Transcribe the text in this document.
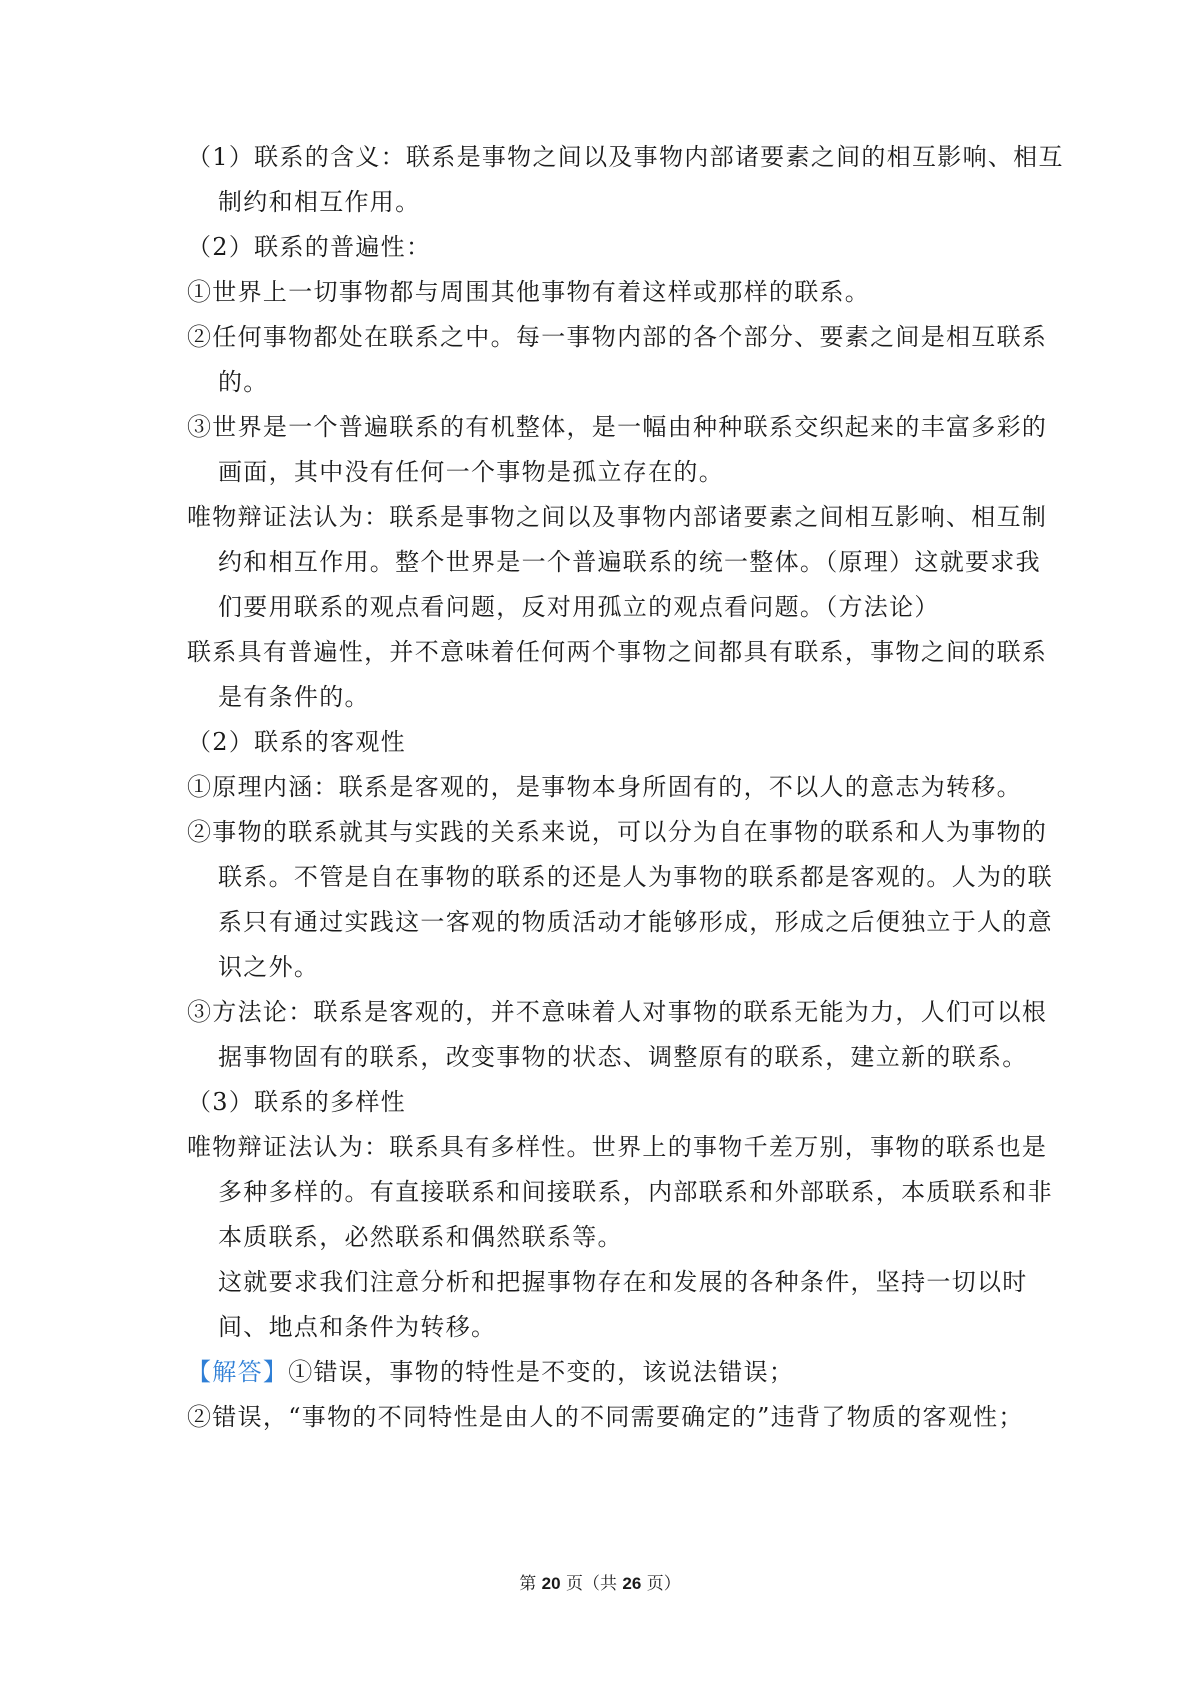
（1）联系的含义：联系是事物之间以及事物内部诸要素之间的相互影响、相互
制约和相互作用。
（2）联系的普遍性：
①世界上一切事物都与周围其他事物有着这样或那样的联系。
②任何事物都处在联系之中。每一事物内部的各个部分、要素之间是相互联系
的。
③世界是一个普遍联系的有机整体，是一幅由种种联系交织起来的丰富多彩的
画面，其中没有任何一个事物是孤立存在的。
唯物辩证法认为：联系是事物之间以及事物内部诸要素之间相互影响、相互制
约和相互作用。整个世界是一个普遍联系的统一整体。（原理）这就要求我
们要用联系的观点看问题，反对用孤立的观点看问题。（方法论）
联系具有普遍性，并不意味着任何两个事物之间都具有联系，事物之间的联系
是有条件的。
（2）联系的客观性
①原理内涵：联系是客观的，是事物本身所固有的，不以人的意志为转移。
②事物的联系就其与实践的关系来说，可以分为自在事物的联系和人为事物的
联系。不管是自在事物的联系的还是人为事物的联系都是客观的。人为的联
系只有通过实践这一客观的物质活动才能够形成，形成之后便独立于人的意
识之外。
③方法论：联系是客观的，并不意味着人对事物的联系无能为力，人们可以根
据事物固有的联系，改变事物的状态、调整原有的联系，建立新的联系。
（3）联系的多样性
唯物辩证法认为：联系具有多样性。世界上的事物千差万别，事物的联系也是
多种多样的。有直接联系和间接联系，内部联系和外部联系，本质联系和非
本质联系，必然联系和偶然联系等。
这就要求我们注意分析和把握事物存在和发展的各种条件，坚持一切以时
间、地点和条件为转移。
【解答】①错误，事物的特性是不变的，该说法错误；
②错误，“事物的不同特性是由人的不同需要确定的”违背了物质的客观性；
第 20 页（共 26 页）
